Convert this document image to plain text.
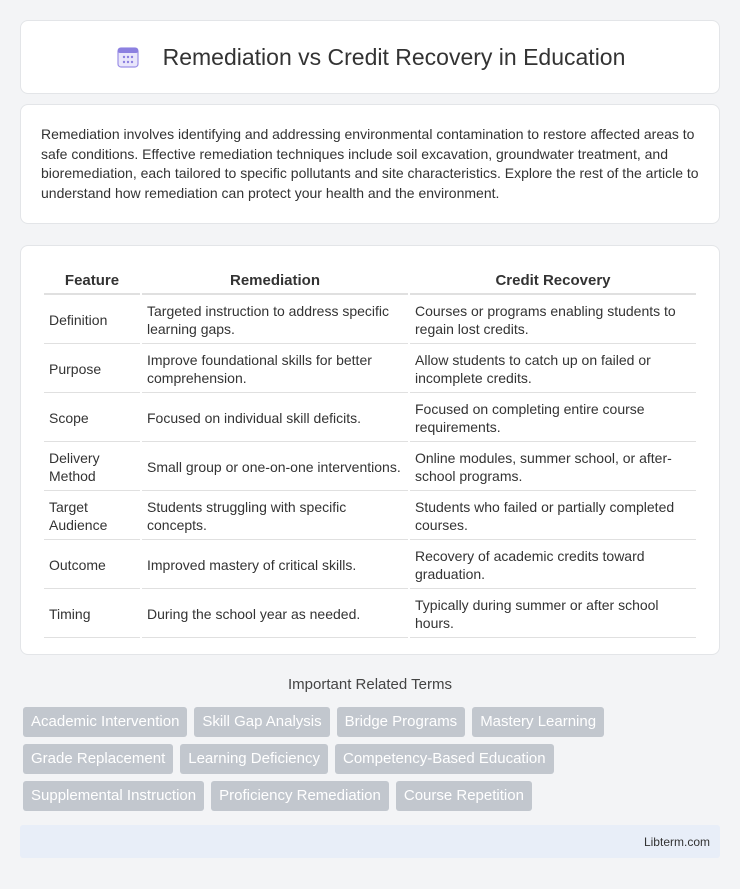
Remediation vs Credit Recovery in Education

Remediation involves identifying and addressing environmental contamination to restore affected areas to safe conditions. Effective remediation techniques include soil excavation, groundwater treatment, and bioremediation, each tailored to specific pollutants and site characteristics. Explore the rest of the article to understand how remediation can protect your health and the environment.

Feature	Remediation	Credit Recovery
Definition	Targeted instruction to address specific learning gaps.	Courses or programs enabling students to regain lost credits.
Purpose	Improve foundational skills for better comprehension.	Allow students to catch up on failed or incomplete credits.
Scope	Focused on individual skill deficits.	Focused on completing entire course requirements.
Delivery Method	Small group or one-on-one interventions.	Online modules, summer school, or after-school programs.
Target Audience	Students struggling with specific concepts.	Students who failed or partially completed courses.
Outcome	Improved mastery of critical skills.	Recovery of academic credits toward graduation.
Timing	During the school year as needed.	Typically during summer or after school hours.
Important Related Terms
Academic Intervention	Skill Gap Analysis	Bridge Programs	Mastery Learning
Grade Replacement	Learning Deficiency	Competency-Based Education
Supplemental Instruction	Proficiency Remediation	Course Repetition
Libterm.com
